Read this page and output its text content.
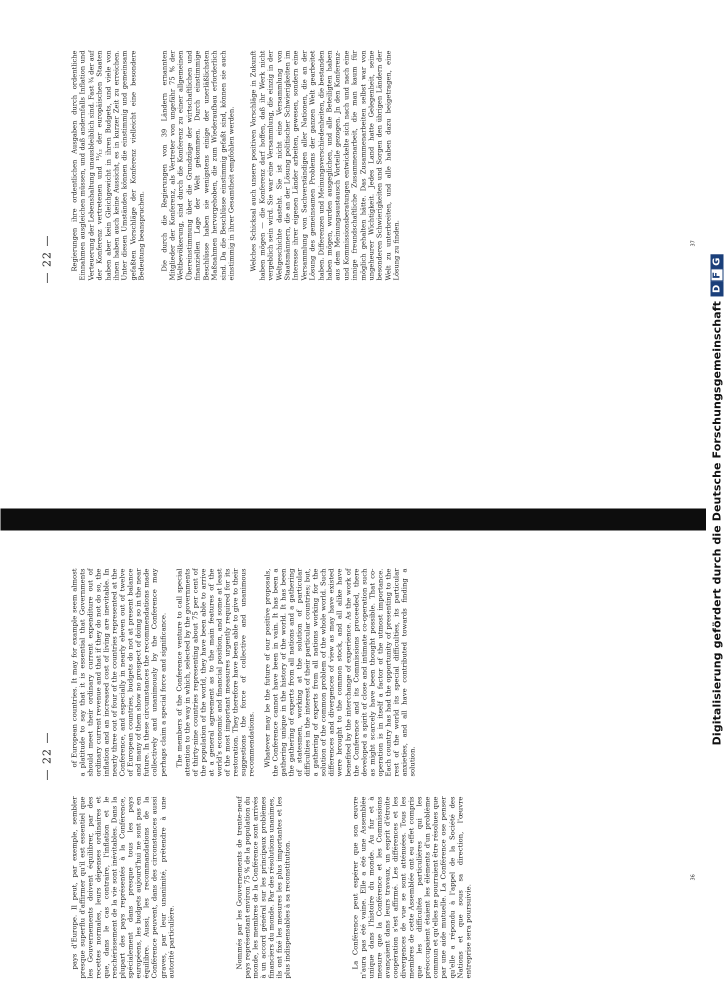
— 22 —

pays d'Europe. Il peut, par exemple, sembler presque superflu d'affirmer qu'il est essentiel que les Gouvernements doivent équilibrer, par des recettes normales, leurs dépenses ordinaires et que, dans le cas contraire, l'inflation et le renchérissement de la vie sont inévitables. Dans la plupart des pays représentés à la Conférence, spécialement dans presque tous les pays européens, les budgets aujourd'hui ne sont pas en équilibre. Aussi, les recommandations de la Conférence peuvent, dans des circonstances aussi graves, par leur unanimité, prétendre à une autorité particulière.	Nommés par les Gouvernements de trente-neuf pays représentant environ 75 % de la population du monde, les membres de la Conférence sont arrivés à un accord général sur les principaux problèmes financiers du monde. Par des résolutions unanimes, ils ont fixé les mesures les plus importantes et les plus indispensables à sa reconstitution.	La Conférence peut espérer que son œuvre n'aura pas été vaine. Elle a été une Assemblée unique dans l'histoire du monde. Au fur et à mesure que la Conférence et les Commissions avançaient dans leurs travaux, un esprit d'étroite coopération s'est affirmé. Les différences et les divergences de vue se sont atténuées. Tous les membres de cette Assemblée ont eu effet compris que les difficultés particulières qui les préoccupaient étaient les éléments d'un problème commun et qu'elles ne pourraient être résolues que par une aide mutuelle. La Conférence ose penser qu'elle a répondu à l'appel de la Société des Nations et que sous sa direction, l'œuvre entreprise sera poursuivie.

of European countries. It may for example seem almost a platitude to say that it is essential that Governments should meet their ordinary current expenditure out of ordinary current revenue and that if they do not do so, the inflation and an increased cost of living are inevitable. In nearly three out of four of the countries represented at the Conference, and especially in nearly eleven out of twelve of European countries, budgets do not at present balance and many of them show no prospect of doing so in the near future. In these circumstances the recommendations made collectively and unanimously by the Conference may perhaps claim a special force and significance. The members of the Conference venture to call special attention to the way in which, selected by the governments of thirty-nine countries representing about 75 per cent of the population of the world, they have been able to arrive at a general agreement as to the main features of the world's economic and financial position, and some at least of the most important measures urgently required for its restoration. They therefore have been able to give to their suggestions the force of collective and unanimous recommendations. Whatever may be the future of our positive proposals, the Conference cannot have been in vain. It has been a gathering unique in the history of the world. It has been the gathering of experts from all nations and a gathering of statesmen, working at the solution of particular difficulties in the interest of their particular countries; but, a gathering of experts from all nations working for the solution of the common problem of the whole world. Such differences and divergences of view as may have existed were brought to the common stock, and all alike have benefited by the interchange of experience. As the work of the Conference and its Commissions proceeded, there developed a spirit of close and intimate co-operation such as might scarcely have been thought possible. That co-operation is in itself a factor of the utmost importance. Each country has had the opportunity of presenting to the rest of the world its special difficulties, its particular anxieties, and all have contributed towards finding a solution.

36
— 22 —	Regierungen ihre ordentlichen Ausgaben durch ordentliche Einnahmen ausgleichen müssen, und daß andernfalls Inflation und Verteuerung der Lebenshaltung unausbleiblich sind. Fast ¾ der auf der Konferenz vertretenen und ¹¹⁄₁₂ der europäischen Staaten haben aber kein Gleichgewicht in ihren Budgets, und viele von ihnen haben auch keine Aussicht, es in kurzer Zeit zu erreichen. Unter diesen Umständen können die einstimmig und gemeinsam gefaßten Vorschläge der Konferenz vielleicht eine besondere Bedeutung beanspruchen. Die durch die Regierungen von 39 Ländern ernannten Mitglieder der Konferenz, als Vertreter von ungefähr 75 % der Weltbevölkerung, sind durch die Konferenz zu einer allgemeinen Übereinstimmung über die Grundzüge der wirtschaftlichen und finanziellen Lage der Welt gekommen. Durch einstimmige Beschlüsse haben sie wenigstens einige der unerläßlichsten Maßnahmen hervorgehoben, die zum Wiederaufbau erforderlich sind. Da die Beschlüsse einstimmig gefaßt sind, können sie auch einstimmig in ihrer Gesamtheit empfohlen werden. Welches Schicksal auch unsere positiven Vorschläge in Zukunft haben mögen — die Konferenz darf hoffen, daß ihr Werk nicht vergeblich sein wird. Sie war eine Versammlung, die einzig in der Weltgeschichte dasteht. Sie ist nicht eine Versammlung von Staatsmännern, die an der Lösung politischer Schwierigkeiten im Interesse ihrer eigenen Länder arbeiten, gewesen, sondern eine Versammlung von Sachverständigen aller Nationen, die an der Lösung des gemeinsamen Problems der ganzen Welt gearbeitet haben. Differenzen und Meinungsverschiedenheiten, die bestanden haben mögen, wurden ausgeglichen, und alle Beteiligten haben aus dem Meinungsaustausch Vorteile gezogen. Jn den Konferenz- und Kommissionsberatungen entwickelte sich nach und nach eine innige freundschaftliche Zusammenarbeit, die man kaum für möglich gehalten hätte. Das Zusammenarbeiten selbst war von ungeheurer Wichtigkeit. Jedes Land hatte Gelegenheit, seine besonderen Schwierigkeiten und Sorgen den übrigen Ländern der Welt zu unterbreiten, und alle haben dazu beigetragen, eine Lösung zu finden.	37
Digitalisierung gefördert durch die Deutsche Forschungsgemeinschaft
D
F
G
